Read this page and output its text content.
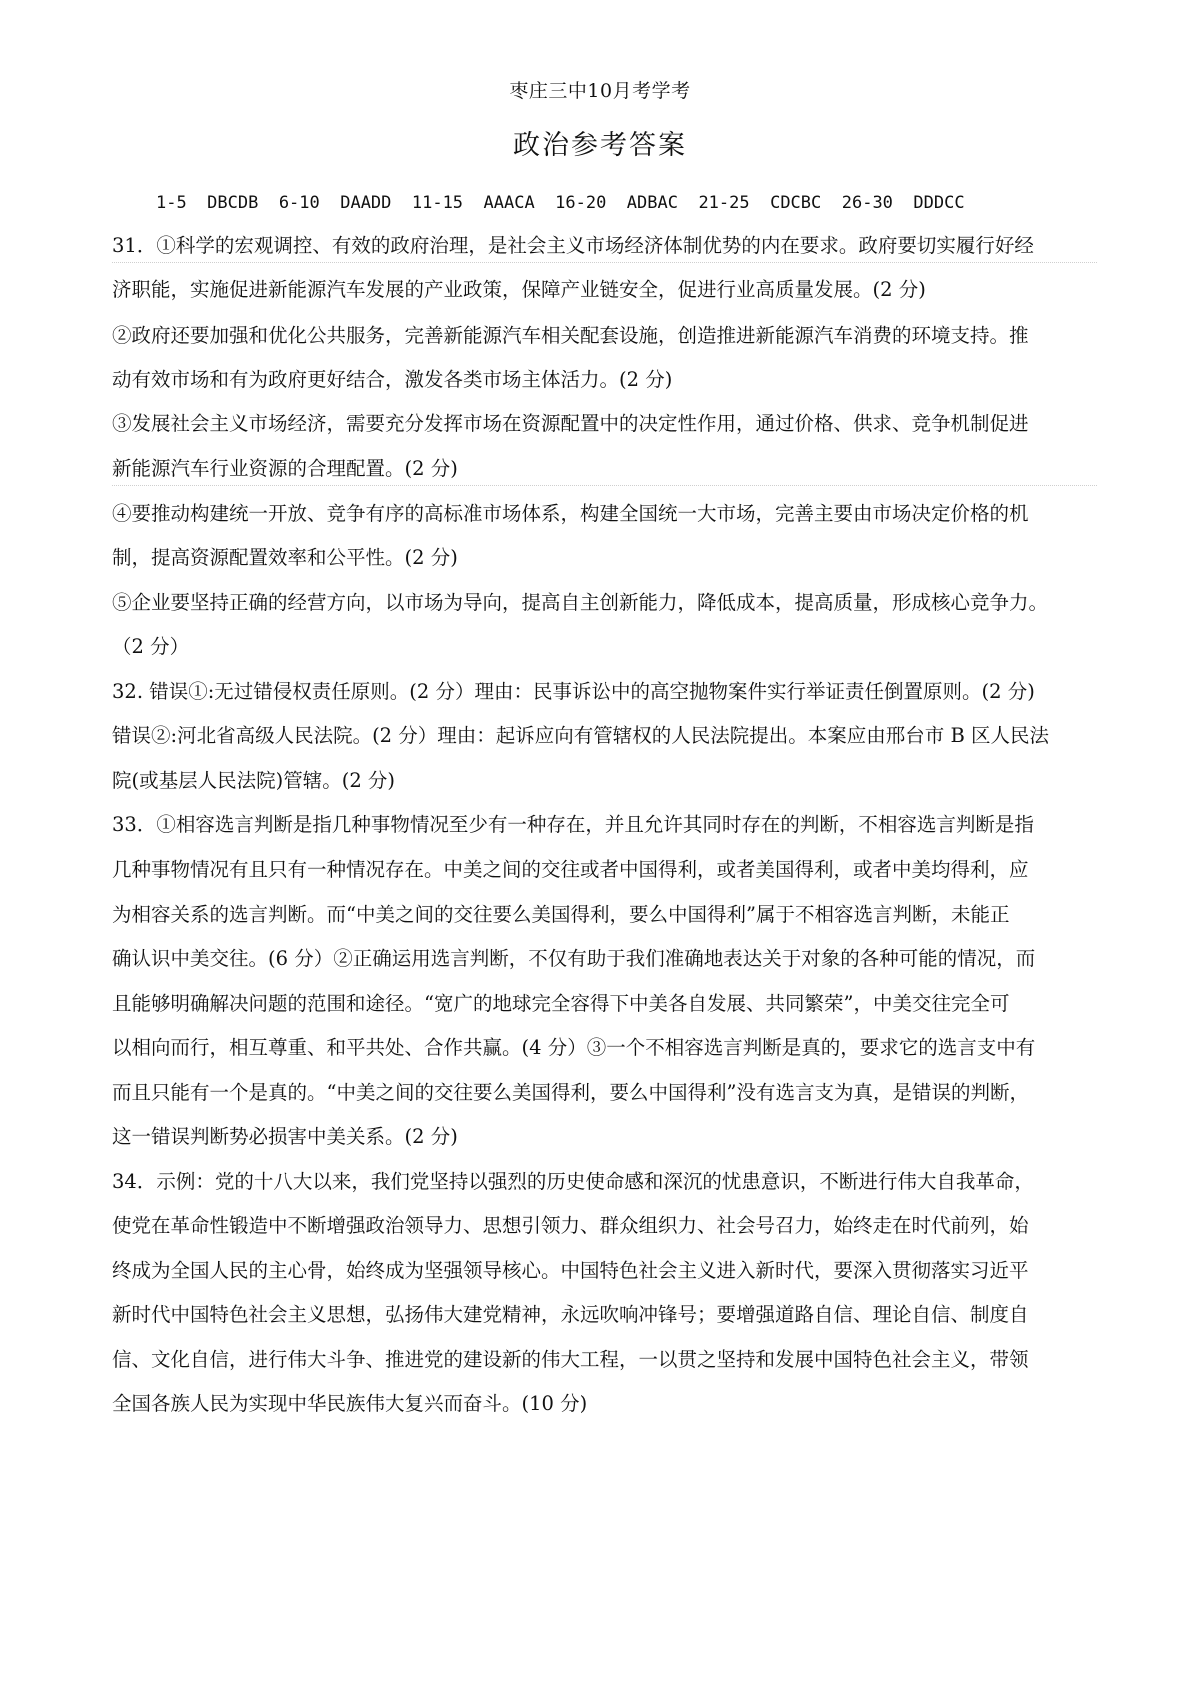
枣庄三中10月考学考
政治参考答案
1-5  DBCDB  6-10  DAADD  11-15  AAACA  16-20  ADBAC  21-25  CDCBC  26-30  DDDCC
31．①科学的宏观调控、有效的政府治理，是社会主义市场经济体制优势的内在要求。政府要切实履行好经
济职能，实施促进新能源汽车发展的产业政策，保障产业链安全，促进行业高质量发展。(2 分)
②政府还要加强和优化公共服务，完善新能源汽车相关配套设施，创造推进新能源汽车消费的环境支持。推
动有效市场和有为政府更好结合，激发各类市场主体活力。(2 分)
③发展社会主义市场经济，需要充分发挥市场在资源配置中的决定性作用，通过价格、供求、竞争机制促进
新能源汽车行业资源的合理配置。(2 分)
④要推动构建统一开放、竞争有序的高标准市场体系，构建全国统一大市场，完善主要由市场决定价格的机
制，提高资源配置效率和公平性。(2 分)
⑤企业要坚持正确的经营方向，以市场为导向，提高自主创新能力，降低成本，提高质量，形成核心竞争力。
（2 分）
32. 错误①:无过错侵权责任原则。(2 分）理由：民事诉讼中的高空抛物案件实行举证责任倒置原则。(2 分)
错误②:河北省高级人民法院。(2 分）理由：起诉应向有管辖权的人民法院提出。本案应由邢台市 B 区人民法
院(或基层人民法院)管辖。(2 分)
33．①相容选言判断是指几种事物情况至少有一种存在，并且允许其同时存在的判断，不相容选言判断是指
几种事物情况有且只有一种情况存在。中美之间的交往或者中国得利，或者美国得利，或者中美均得利，应
为相容关系的选言判断。而“中美之间的交往要么美国得利，要么中国得利”属于不相容选言判断，未能正
确认识中美交往。(6 分）②正确运用选言判断，不仅有助于我们准确地表达关于对象的各种可能的情况，而
且能够明确解决问题的范围和途径。“宽广的地球完全容得下中美各自发展、共同繁荣”，中美交往完全可
以相向而行，相互尊重、和平共处、合作共赢。(4 分）③一个不相容选言判断是真的，要求它的选言支中有
而且只能有一个是真的。“中美之间的交往要么美国得利，要么中国得利”没有选言支为真，是错误的判断，
这一错误判断势必损害中美关系。(2 分)
34．示例：党的十八大以来，我们党坚持以强烈的历史使命感和深沉的忧患意识，不断进行伟大自我革命，
使党在革命性锻造中不断增强政治领导力、思想引领力、群众组织力、社会号召力，始终走在时代前列，始
终成为全国人民的主心骨，始终成为坚强领导核心。中国特色社会主义进入新时代，要深入贯彻落实习近平
新时代中国特色社会主义思想，弘扬伟大建党精神，永远吹响冲锋号；要增强道路自信、理论自信、制度自
信、文化自信，进行伟大斗争、推进党的建设新的伟大工程，一以贯之坚持和发展中国特色社会主义，带领
全国各族人民为实现中华民族伟大复兴而奋斗。(10 分)
